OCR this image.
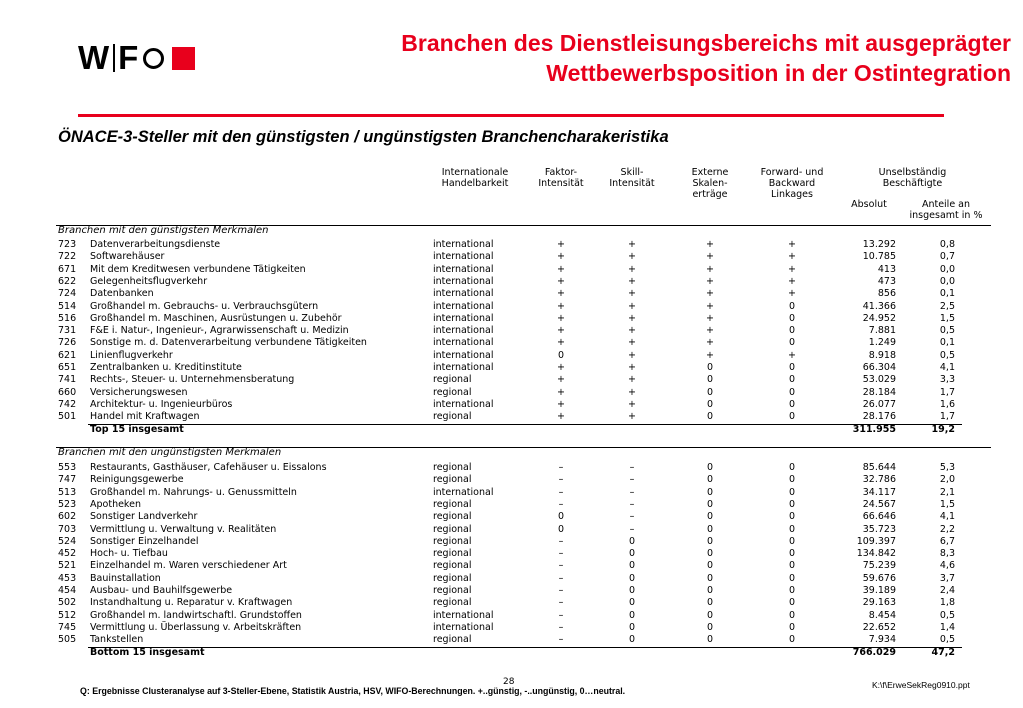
W F	Branchen des Dienstleisungsbereichs mit ausgeprägter
Wettbewerbsposition in der Ostintegration
ÖNACE-3-Steller mit den günstigsten / ungünstigsten Branchencharakeristika
Internationale
Handelbarkeit
Faktor-
Intensität
Skill-
Intensität
Externe
Skalen-
erträge
Forward- und
Backward
Linkages
Unselbständig
Beschäftigte
Absolut	Anteile an
insgesamt in %
Branchen mit den günstigsten Merkmalen
723 Datenverarbeitungsdienste	international	+	+	+	+	13.292	0,8
722 Softwarehäuser	international	+	+	+	+	10.785	0,7
671 Mit dem Kreditwesen verbundene Tätigkeiten	international	+	+	+	+	413	0,0
622 Gelegenheitsflugverkehr	international	+	+	+	+	473	0,0
724 Datenbanken	international	+	+	+	+	856	0,1
514 Großhandel m. Gebrauchs- u. Verbrauchsgütern	international	+	+	+	0	41.366	2,5
516 Großhandel m. Maschinen, Ausrüstungen u. Zubehör	international	+	+	+	0	24.952	1,5
731 F&E i. Natur-, Ingenieur-, Agrarwissenschaft u. Medizin	international	+	+	+	0	7.881	0,5
726 Sonstige m. d. Datenverarbeitung verbundene Tätigkeiten	international	+	+	+	0	1.249	0,1
621 Linienflugverkehr	international	0	+	+	+	8.918	0,5
651 Zentralbanken u. Kreditinstitute	international	+	+	0	0	66.304	4,1
741 Rechts-, Steuer- u. Unternehmensberatung	regional	+	+	0	0	53.029	3,3
660 Versicherungswesen	regional	+	+	0	0	28.184	1,7
742 Architektur- u. Ingenieurbüros	international	+	+	0	0	26.077	1,6
501 Handel mit Kraftwagen	regional	+	+	0	0	28.176	1,7
Top 15 insgesamt	311.955	19,2
Branchen mit den ungünstigsten Merkmalen
553 Restaurants, Gasthäuser, Cafehäuser u. Eissalons	regional	–	–	0	0	85.644	5,3
747 Reinigungsgewerbe	regional	–	–	0	0	32.786	2,0
513 Großhandel m. Nahrungs- u. Genussmitteln	international	–	–	0	0	34.117	2,1
523 Apotheken	regional	–	–	0	0	24.567	1,5
602 Sonstiger Landverkehr	regional	0	–	0	0	66.646	4,1
703 Vermittlung u. Verwaltung v. Realitäten	regional	0	–	0	0	35.723	2,2
524 Sonstiger Einzelhandel	regional	–	0	0	0	109.397	6,7
452 Hoch- u. Tiefbau	regional	–	0	0	0	134.842	8,3
521 Einzelhandel m. Waren verschiedener Art	regional	–	0	0	0	75.239	4,6
453 Bauinstallation	regional	–	0	0	0	59.676	3,7
454 Ausbau- und Bauhilfsgewerbe	regional	–	0	0	0	39.189	2,4
502 Instandhaltung u. Reparatur v. Kraftwagen	regional	–	0	0	0	29.163	1,8
512 Großhandel m. landwirtschaftl. Grundstoffen	international	–	0	0	0	8.454	0,5
745 Vermittlung u. Überlassung v. Arbeitskräften	international	–	0	0	0	22.652	1,4
505 Tankstellen	regional	–	0	0	0	7.934	0,5
Bottom 15 insgesamt	766.029	47,2
28	K:\f\ErweSekReg0910.ppt
Q: Ergebnisse Clusteranalyse auf 3-Steller-Ebene, Statistik Austria, HSV, WIFO-Berechnungen. +..günstig, -..ungünstig, 0…neutral.
